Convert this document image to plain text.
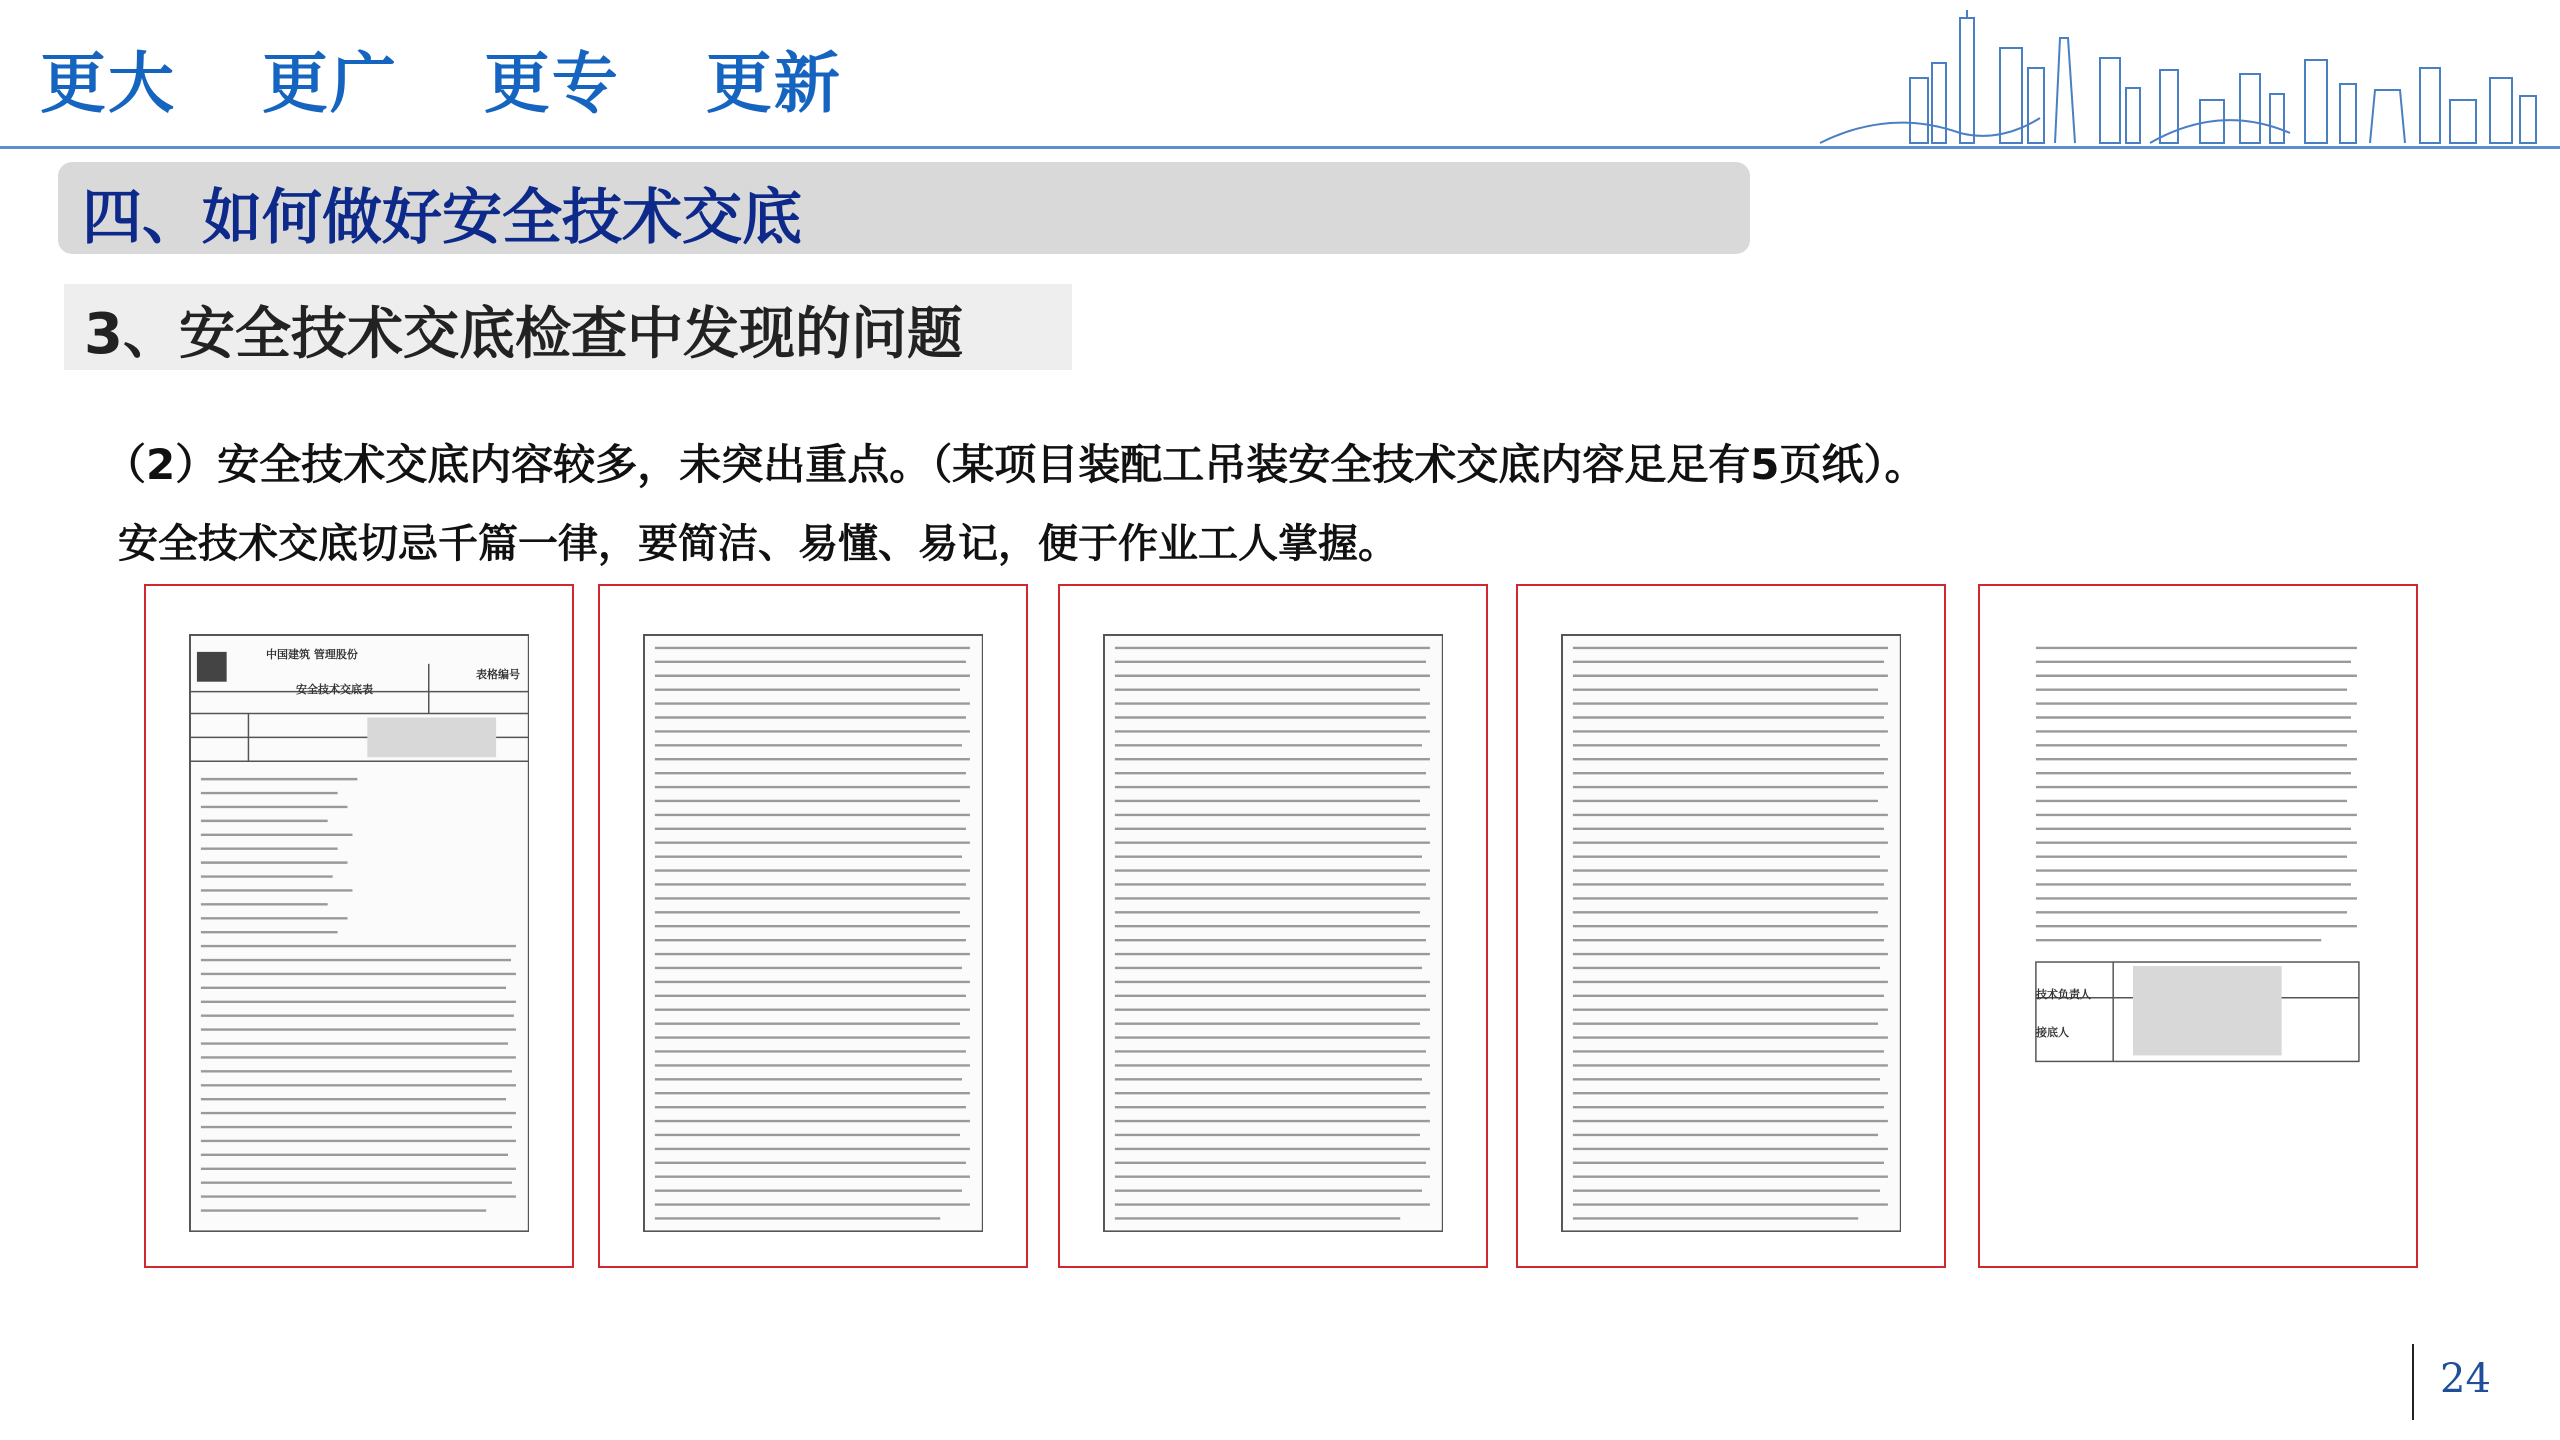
更大  更广  更专  更新
四、如何做好安全技术交底
3、安全技术交底检查中发现的问题
（2）安全技术交底内容较多，未突出重点。（某项目装配工吊装安全技术交底内容足足有5页纸）。
安全技术交底切忌千篇一律，要简洁、易懂、易记，便于作业工人掌握。
中国建筑 管理股份
安全技术交底表
表格编号
技术负责人
接底人
24
